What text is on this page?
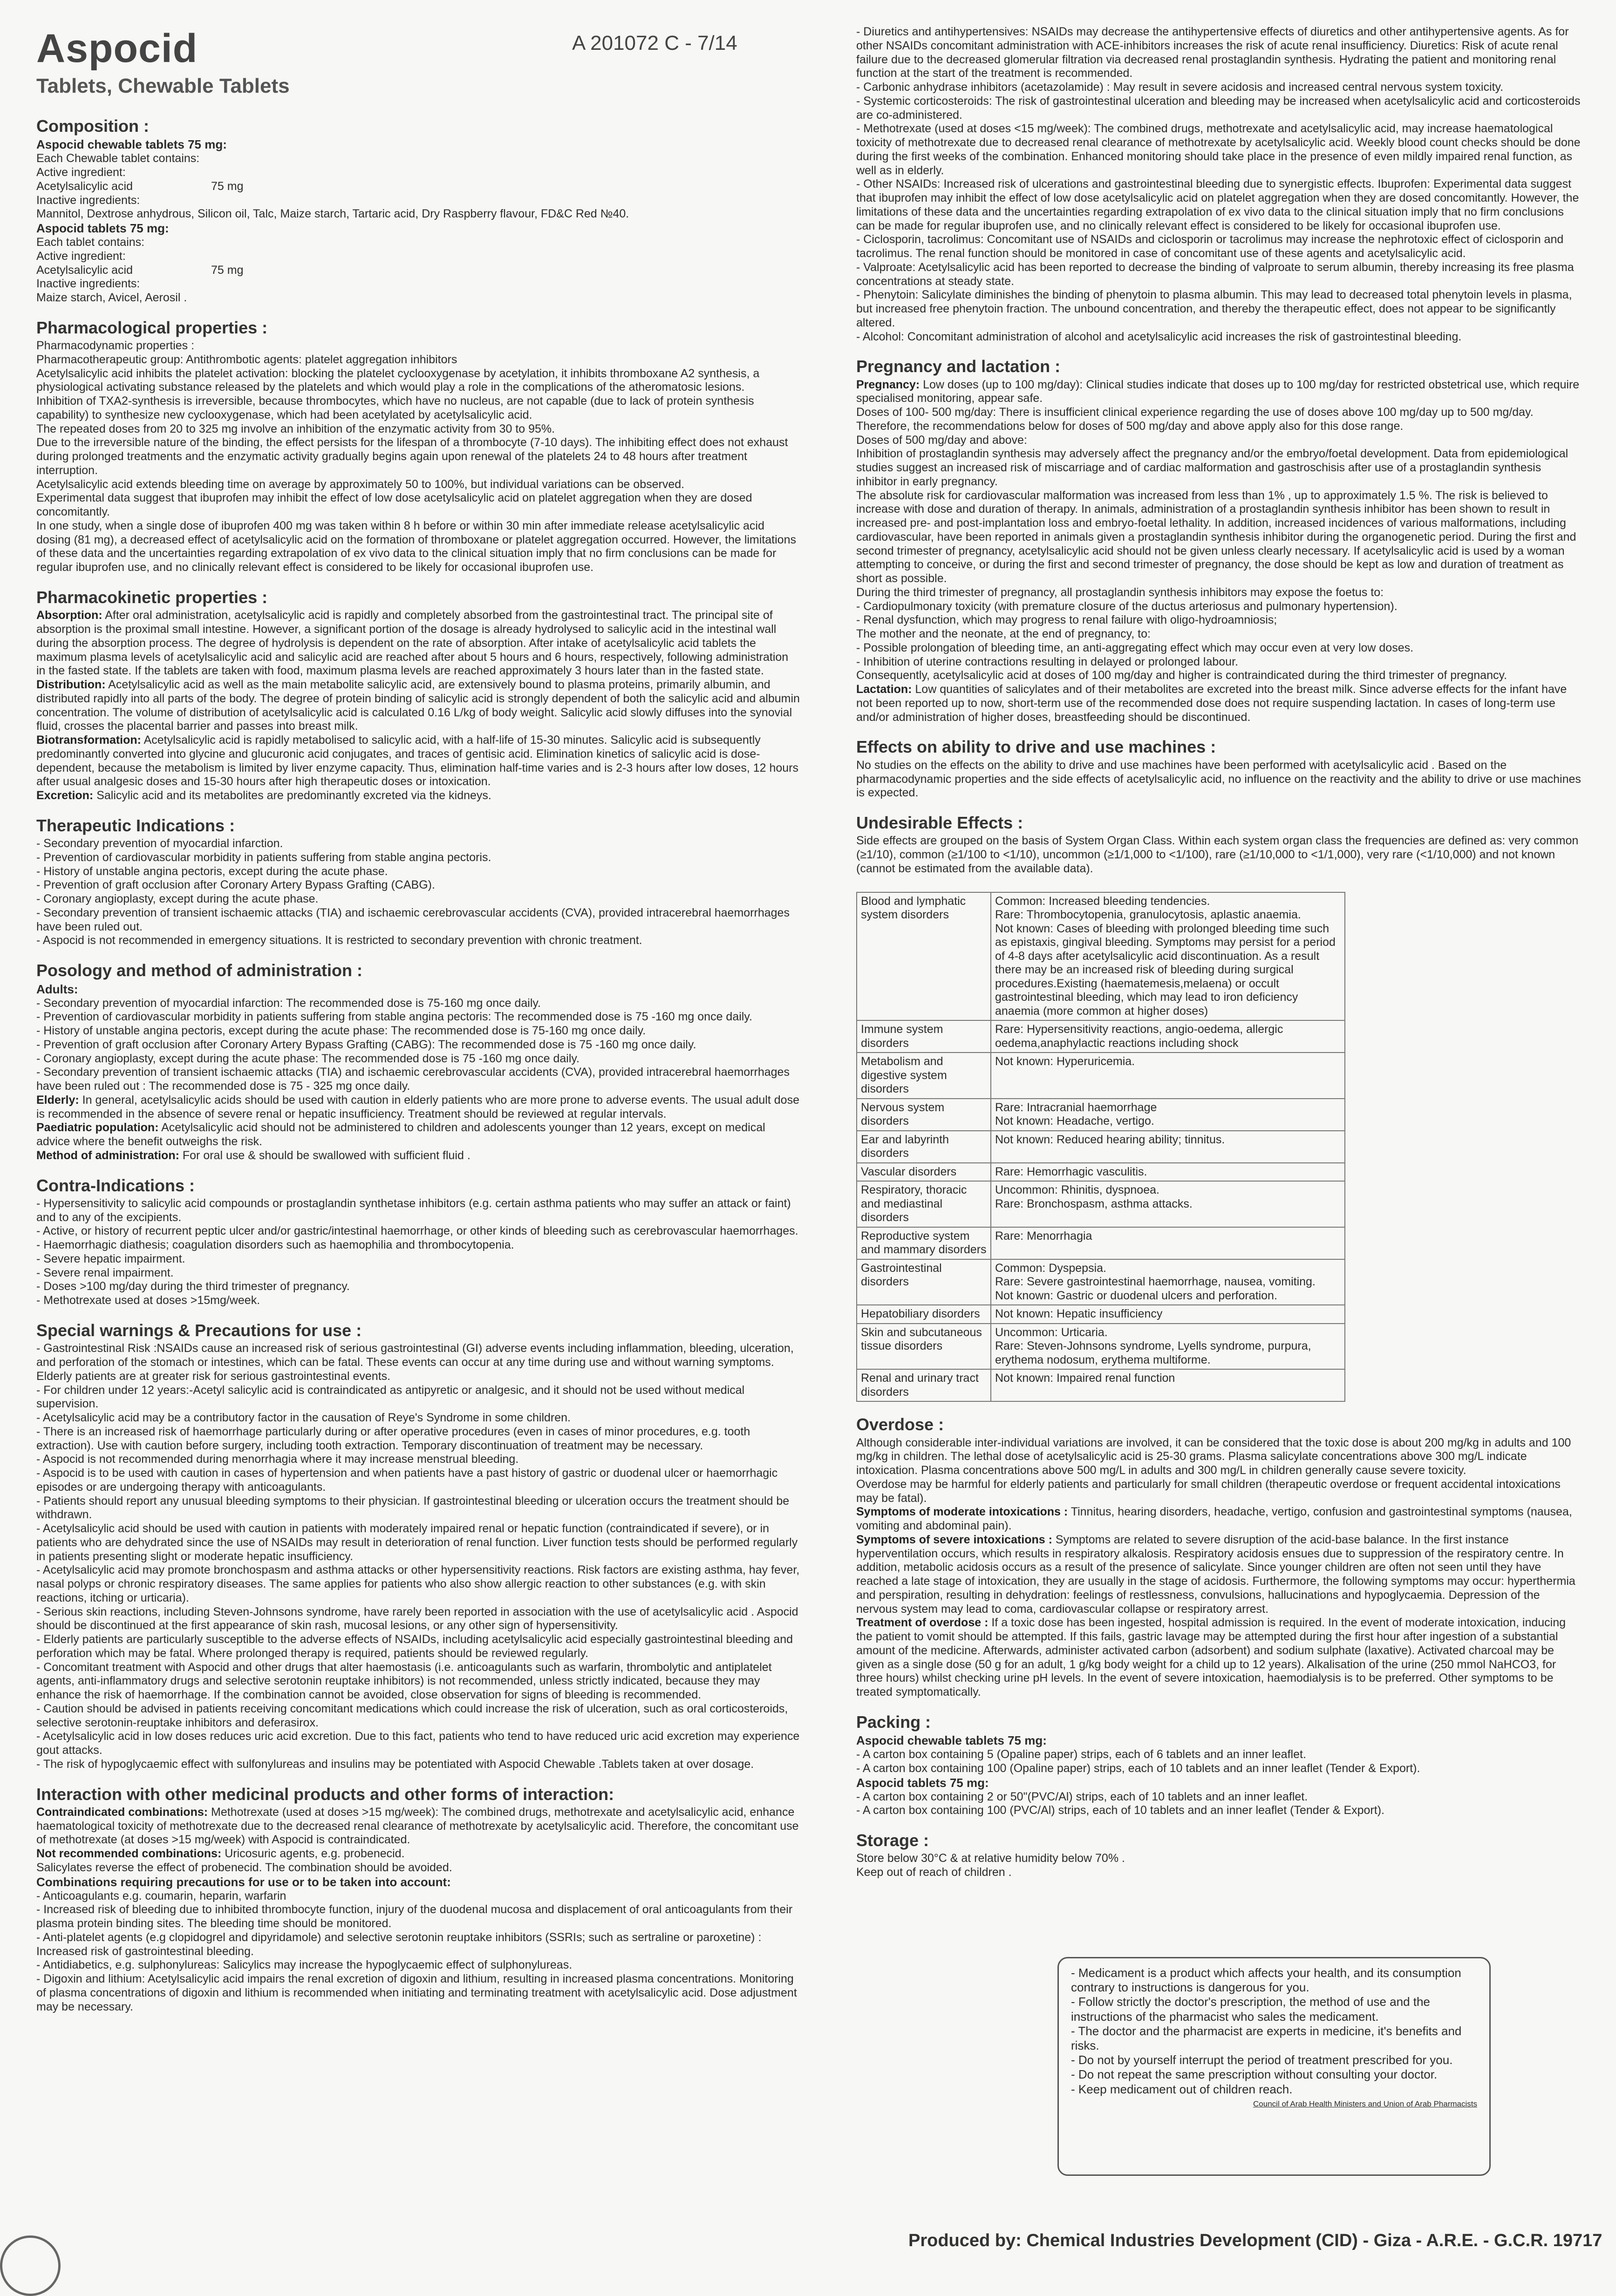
Aspocid
Tablets, Chewable Tablets
A 201072 C - 7/14
Composition :

Aspocid chewable tablets 75 mg:

Each Chewable tablet contains:

Active ingredient:

Acetylsalicylic acid	75 mg

Inactive ingredients:

Mannitol, Dextrose anhydrous, Silicon oil, Talc, Maize starch, Tartaric acid, Dry Raspberry flavour, FD&C Red №40.

Aspocid tablets 75 mg:

Each tablet contains:

Active ingredient:

Acetylsalicylic acid	75 mg

Inactive ingredients:

Maize starch, Avicel, Aerosil .

Pharmacological properties :

Pharmacodynamic properties :

Pharmacotherapeutic group: Antithrombotic agents: platelet aggregation inhibitors

Acetylsalicylic acid inhibits the platelet activation: blocking the platelet cyclooxygenase by acetylation, it inhibits thromboxane A2 synthesis, a physiological activating substance released by the platelets and which would play a role in the complications of the atheromatosic lesions.

Inhibition of TXA2-synthesis is irreversible, because thrombocytes, which have no nucleus, are not capable (due to lack of protein synthesis capability) to synthesize new cyclooxygenase, which had been acetylated by acetylsalicylic acid.

The repeated doses from 20 to 325 mg involve an inhibition of the enzymatic activity from 30 to 95%.

Due to the irreversible nature of the binding, the effect persists for the lifespan of a thrombocyte (7-10 days). The inhibiting effect does not exhaust during prolonged treatments and the enzymatic activity gradually begins again upon renewal of the platelets 24 to 48 hours after treatment interruption.

Acetylsalicylic acid extends bleeding time on average by approximately 50 to 100%, but individual variations can be observed.

Experimental data suggest that ibuprofen may inhibit the effect of low dose acetylsalicylic acid on platelet aggregation when they are dosed concomitantly.

In one study, when a single dose of ibuprofen 400 mg was taken within 8 h before or within 30 min after immediate release acetylsalicylic acid dosing (81 mg), a decreased effect of acetylsalicylic acid on the formation of thromboxane or platelet aggregation occurred. However, the limitations of these data and the uncertainties regarding extrapolation of ex vivo data to the clinical situation imply that no firm conclusions can be made for regular ibuprofen use, and no clinically relevant effect is considered to be likely for occasional ibuprofen use.

Pharmacokinetic properties :

Absorption: After oral administration, acetylsalicylic acid is rapidly and completely absorbed from the gastrointestinal tract. The principal site of absorption is the proximal small intestine. However, a significant portion of the dosage is already hydrolysed to salicylic acid in the intestinal wall during the absorption process. The degree of hydrolysis is dependent on the rate of absorption. After intake of acetylsalicylic acid tablets the maximum plasma levels of acetylsalicylic acid and salicylic acid are reached after about 5 hours and 6 hours, respectively, following administration in the fasted state. If the tablets are taken with food, maximum plasma levels are reached approximately 3 hours later than in the fasted state.

Distribution: Acetylsalicylic acid as well as the main metabolite salicylic acid, are extensively bound to plasma proteins, primarily albumin, and distributed rapidly into all parts of the body. The degree of protein binding of salicylic acid is strongly dependent of both the salicylic acid and albumin concentration. The volume of distribution of acetylsalicylic acid is calculated 0.16 L/kg of body weight. Salicylic acid slowly diffuses into the synovial fluid, crosses the placental barrier and passes into breast milk.

Biotransformation: Acetylsalicylic acid is rapidly metabolised to salicylic acid, with a half-life of 15-30 minutes. Salicylic acid is subsequently predominantly converted into glycine and glucuronic acid conjugates, and traces of gentisic acid. Elimination kinetics of salicylic acid is dose-dependent, because the metabolism is limited by liver enzyme capacity. Thus, elimination half-time varies and is 2-3 hours after low doses, 12 hours after usual analgesic doses and 15-30 hours after high therapeutic doses or intoxication.

Excretion: Salicylic acid and its metabolites are predominantly excreted via the kidneys.

Therapeutic Indications :
- Secondary prevention of myocardial infarction.
- Prevention of cardiovascular morbidity in patients suffering from stable angina pectoris.
- History of unstable angina pectoris, except during the acute phase.
- Prevention of graft occlusion after Coronary Artery Bypass Grafting (CABG).
- Coronary angioplasty, except during the acute phase.
- Secondary prevention of transient ischaemic attacks (TIA) and ischaemic cerebrovascular accidents (CVA), provided intracerebral haemorrhages have been ruled out.
- Aspocid is not recommended in emergency situations. It is restricted to secondary prevention with chronic treatment.
Posology and method of administration :

Adults:

- Secondary prevention of myocardial infarction: The recommended dose is 75-160 mg once daily.
- Prevention of cardiovascular morbidity in patients suffering from stable angina pectoris: The recommended dose is 75 -160 mg once daily.
- History of unstable angina pectoris, except during the acute phase: The recommended dose is 75-160 mg once daily.
- Prevention of graft occlusion after Coronary Artery Bypass Grafting (CABG): The recommended dose is 75 -160 mg once daily.
- Coronary angioplasty, except during the acute phase: The recommended dose is 75 -160 mg once daily.
- Secondary prevention of transient ischaemic attacks (TIA) and ischaemic cerebrovascular accidents (CVA), provided intracerebral haemorrhages have been ruled out : The recommended dose is 75 - 325 mg once daily.

Elderly: In general, acetylsalicylic acids should be used with caution in elderly patients who are more prone to adverse events. The usual adult dose is recommended in the absence of severe renal or hepatic insufficiency. Treatment should be reviewed at regular intervals.

Paediatric population: Acetylsalicylic acid should not be administered to children and adolescents younger than 12 years, except on medical advice where the benefit outweighs the risk.

Method of administration: For oral use & should be swallowed with sufficient fluid .

Contra-Indications :
- Hypersensitivity to salicylic acid compounds or prostaglandin synthetase inhibitors (e.g. certain asthma patients who may suffer an attack or faint) and to any of the excipients.
- Active, or history of recurrent peptic ulcer and/or gastric/intestinal haemorrhage, or other kinds of bleeding such as cerebrovascular haemorrhages.
- Haemorrhagic diathesis; coagulation disorders such as haemophilia and thrombocytopenia.
- Severe hepatic impairment.
- Severe renal impairment.
- Doses >100 mg/day during the third trimester of pregnancy.
- Methotrexate used at doses >15mg/week.
Special warnings & Precautions for use :
- Gastrointestinal Risk :NSAIDs cause an increased risk of serious gastrointestinal (GI) adverse events including inflammation, bleeding, ulceration, and perforation of the stomach or intestines, which can be fatal. These events can occur at any time during use and without warning symptoms. Elderly patients are at greater risk for serious gastrointestinal events.
- For children under 12 years:-Acetyl salicylic acid is contraindicated as antipyretic or analgesic, and it should not be used without medical supervision.
- Acetylsalicylic acid may be a contributory factor in the causation of Reye's Syndrome in some children.
- There is an increased risk of haemorrhage particularly during or after operative procedures (even in cases of minor procedures, e.g. tooth extraction). Use with caution before surgery, including tooth extraction. Temporary discontinuation of treatment may be necessary.
- Aspocid is not recommended during menorrhagia where it may increase menstrual bleeding.
- Aspocid is to be used with caution in cases of hypertension and when patients have a past history of gastric or duodenal ulcer or haemorrhagic episodes or are undergoing therapy with anticoagulants.
- Patients should report any unusual bleeding symptoms to their physician. If gastrointestinal bleeding or ulceration occurs the treatment should be withdrawn.
- Acetylsalicylic acid should be used with caution in patients with moderately impaired renal or hepatic function (contraindicated if severe), or in patients who are dehydrated since the use of NSAIDs may result in deterioration of renal function. Liver function tests should be performed regularly in patients presenting slight or moderate hepatic insufficiency.
- Acetylsalicylic acid may promote bronchospasm and asthma attacks or other hypersensitivity reactions. Risk factors are existing asthma, hay fever, nasal polyps or chronic respiratory diseases. The same applies for patients who also show allergic reaction to other substances (e.g. with skin reactions, itching or urticaria).
- Serious skin reactions, including Steven-Johnsons syndrome, have rarely been reported in association with the use of acetylsalicylic acid . Aspocid should be discontinued at the first appearance of skin rash, mucosal lesions, or any other sign of hypersensitivity.
- Elderly patients are particularly susceptible to the adverse effects of NSAIDs, including acetylsalicylic acid especially gastrointestinal bleeding and perforation which may be fatal. Where prolonged therapy is required, patients should be reviewed regularly.
- Concomitant treatment with Aspocid and other drugs that alter haemostasis (i.e. anticoagulants such as warfarin, thrombolytic and antiplatelet agents, anti-inflammatory drugs and selective serotonin reuptake inhibitors) is not recommended, unless strictly indicated, because they may enhance the risk of haemorrhage. If the combination cannot be avoided, close observation for signs of bleeding is recommended.
- Caution should be advised in patients receiving concomitant medications which could increase the risk of ulceration, such as oral corticosteroids, selective serotonin-reuptake inhibitors and deferasirox.
- Acetylsalicylic acid in low doses reduces uric acid excretion. Due to this fact, patients who tend to have reduced uric acid excretion may experience gout attacks.
- The risk of hypoglycaemic effect with sulfonylureas and insulins may be potentiated with Aspocid Chewable .Tablets taken at over dosage.
Interaction with other medicinal products and other forms of interaction:

Contraindicated combinations: Methotrexate (used at doses >15 mg/week): The combined drugs, methotrexate and acetylsalicylic acid, enhance haematological toxicity of methotrexate due to the decreased renal clearance of methotrexate by acetylsalicylic acid. Therefore, the concomitant use of methotrexate (at doses >15 mg/week) with Aspocid is contraindicated.

Not recommended combinations: Uricosuric agents, e.g. probenecid.

Salicylates reverse the effect of probenecid. The combination should be avoided.

Combinations requiring precautions for use or to be taken into account:

- Anticoagulants e.g. coumarin, heparin, warfarin
- Increased risk of bleeding due to inhibited thrombocyte function, injury of the duodenal mucosa and displacement of oral anticoagulants from their plasma protein binding sites. The bleeding time should be monitored.
- Anti-platelet agents (e.g clopidogrel and dipyridamole) and selective serotonin reuptake inhibitors (SSRIs; such as sertraline or paroxetine) : Increased risk of gastrointestinal bleeding.
- Antidiabetics, e.g. sulphonylureas: Salicylics may increase the hypoglycaemic effect of sulphonylureas.
- Digoxin and lithium: Acetylsalicylic acid impairs the renal excretion of digoxin and lithium, resulting in increased plasma concentrations. Monitoring of plasma concentrations of digoxin and lithium is recommended when initiating and terminating treatment with acetylsalicylic acid. Dose adjustment may be necessary.
- Diuretics and antihypertensives: NSAIDs may decrease the antihypertensive effects of diuretics and other antihypertensive agents. As for other NSAIDs concomitant administration with ACE-inhibitors increases the risk of acute renal insufficiency. Diuretics: Risk of acute renal failure due to the decreased glomerular filtration via decreased renal prostaglandin synthesis. Hydrating the patient and monitoring renal function at the start of the treatment is recommended.
- Carbonic anhydrase inhibitors (acetazolamide) : May result in severe acidosis and increased central nervous system toxicity.
- Systemic corticosteroids: The risk of gastrointestinal ulceration and bleeding may be increased when acetylsalicylic acid and corticosteroids are co-administered.
- Methotrexate (used at doses <15 mg/week): The combined drugs, methotrexate and acetylsalicylic acid, may increase haematological toxicity of methotrexate due to decreased renal clearance of methotrexate by acetylsalicylic acid. Weekly blood count checks should be done during the first weeks of the combination. Enhanced monitoring should take place in the presence of even mildly impaired renal function, as well as in elderly.
- Other NSAIDs: Increased risk of ulcerations and gastrointestinal bleeding due to synergistic effects. Ibuprofen: Experimental data suggest that ibuprofen may inhibit the effect of low dose acetylsalicylic acid on platelet aggregation when they are dosed concomitantly. However, the limitations of these data and the uncertainties regarding extrapolation of ex vivo data to the clinical situation imply that no firm conclusions can be made for regular ibuprofen use, and no clinically relevant effect is considered to be likely for occasional ibuprofen use.
- Ciclosporin, tacrolimus: Concomitant use of NSAIDs and ciclosporin or tacrolimus may increase the nephrotoxic effect of ciclosporin and tacrolimus. The renal function should be monitored in case of concomitant use of these agents and acetylsalicylic acid.
- Valproate: Acetylsalicylic acid has been reported to decrease the binding of valproate to serum albumin, thereby increasing its free plasma concentrations at steady state.
- Phenytoin: Salicylate diminishes the binding of phenytoin to plasma albumin. This may lead to decreased total phenytoin levels in plasma, but increased free phenytoin fraction. The unbound concentration, and thereby the therapeutic effect, does not appear to be significantly altered.
- Alcohol: Concomitant administration of alcohol and acetylsalicylic acid increases the risk of gastrointestinal bleeding.
Pregnancy and lactation :

Pregnancy: Low doses (up to 100 mg/day): Clinical studies indicate that doses up to 100 mg/day for restricted obstetrical use, which require specialised monitoring, appear safe.

Doses of 100- 500 mg/day: There is insufficient clinical experience regarding the use of doses above 100 mg/day up to 500 mg/day. Therefore, the recommendations below for doses of 500 mg/day and above apply also for this dose range.

Doses of 500 mg/day and above:

Inhibition of prostaglandin synthesis may adversely affect the pregnancy and/or the embryo/foetal development. Data from epidemiological studies suggest an increased risk of miscarriage and of cardiac malformation and gastroschisis after use of a prostaglandin synthesis inhibitor in early pregnancy.

The absolute risk for cardiovascular malformation was increased from less than 1% , up to approximately 1.5 %. The risk is believed to increase with dose and duration of therapy. In animals, administration of a prostaglandin synthesis inhibitor has been shown to result in increased pre- and post-implantation loss and embryo-foetal lethality. In addition, increased incidences of various malformations, including cardiovascular, have been reported in animals given a prostaglandin synthesis inhibitor during the organogenetic period. During the first and second trimester of pregnancy, acetylsalicylic acid should not be given unless clearly necessary. If acetylsalicylic acid is used by a woman attempting to conceive, or during the first and second trimester of pregnancy, the dose should be kept as low and duration of treatment as short as possible.

During the third trimester of pregnancy, all prostaglandin synthesis inhibitors may expose the foetus to:

- Cardiopulmonary toxicity (with premature closure of the ductus arteriosus and pulmonary hypertension).
- Renal dysfunction, which may progress to renal failure with oligo-hydroamniosis;

The mother and the neonate, at the end of pregnancy, to:

- Possible prolongation of bleeding time, an anti-aggregating effect which may occur even at very low doses.
- Inhibition of uterine contractions resulting in delayed or prolonged labour.

Consequently, acetylsalicylic acid at doses of 100 mg/day and higher is contraindicated during the third trimester of pregnancy.

Lactation: Low quantities of salicylates and of their metabolites are excreted into the breast milk. Since adverse effects for the infant have not been reported up to now, short-term use of the recommended dose does not require suspending lactation. In cases of long-term use and/or administration of higher doses, breastfeeding should be discontinued.

Effects on ability to drive and use machines :

No studies on the effects on the ability to drive and use machines have been performed with acetylsalicylic acid . Based on the pharmacodynamic properties and the side effects of acetylsalicylic acid, no influence on the reactivity and the ability to drive or use machines is expected.

Undesirable Effects :

Side effects are grouped on the basis of System Organ Class. Within each system organ class the frequencies are defined as: very common (≥1/10), common (≥1/100 to <1/10), uncommon (≥1/1,000 to <1/100), rare (≥1/10,000 to <1/1,000), very rare (<1/10,000) and not known (cannot be estimated from the available data).

Blood and lymphatic system disorders	Common: Increased bleeding tendencies.
Rare: Thrombocytopenia, granulocytosis, aplastic anaemia.
Not known: Cases of bleeding with prolonged bleeding time such as epistaxis, gingival bleeding. Symptoms may persist for a period of 4-8 days after acetylsalicylic acid discontinuation. As a result there may be an increased risk of bleeding during surgical procedures.Existing (haematemesis,melaena) or occult gastrointestinal bleeding, which may lead to iron deficiency anaemia (more common at higher doses)
Immune system disorders	Rare: Hypersensitivity reactions, angio-oedema, allergic oedema,anaphylactic reactions including shock
Metabolism and digestive system disorders	Not known: Hyperuricemia.
Nervous system disorders	Rare: Intracranial haemorrhage
Not known: Headache, vertigo.
Ear and labyrinth disorders	Not known: Reduced hearing ability; tinnitus.
Vascular disorders	Rare: Hemorrhagic vasculitis.
Respiratory, thoracic and mediastinal disorders	Uncommon: Rhinitis, dyspnoea.
Rare: Bronchospasm, asthma attacks.
Reproductive system and mammary disorders	Rare: Menorrhagia
Gastrointestinal disorders	Common: Dyspepsia.
Rare: Severe gastrointestinal haemorrhage, nausea, vomiting.
Not known: Gastric or duodenal ulcers and perforation.
Hepatobiliary disorders	Not known: Hepatic insufficiency
Skin and subcutaneous tissue disorders	Uncommon: Urticaria.
Rare: Steven-Johnsons syndrome, Lyells syndrome, purpura, erythema nodosum, erythema multiforme.
Renal and urinary tract disorders	Not known: Impaired renal function
Overdose :

Although considerable inter-individual variations are involved, it can be considered that the toxic dose is about 200 mg/kg in adults and 100 mg/kg in children. The lethal dose of acetylsalicylic acid is 25-30 grams. Plasma salicylate concentrations above 300 mg/L indicate intoxication. Plasma concentrations above 500 mg/L in adults and 300 mg/L in children generally cause severe toxicity.

Overdose may be harmful for elderly patients and particularly for small children (therapeutic overdose or frequent accidental intoxications may be fatal).

Symptoms of moderate intoxications : Tinnitus, hearing disorders, headache, vertigo, confusion and gastrointestinal symptoms (nausea, vomiting and abdominal pain).

Symptoms of severe intoxications : Symptoms are related to severe disruption of the acid-base balance. In the first instance hyperventilation occurs, which results in respiratory alkalosis. Respiratory acidosis ensues due to suppression of the respiratory centre. In addition, metabolic acidosis occurs as a result of the presence of salicylate. Since younger children are often not seen until they have reached a late stage of intoxication, they are usually in the stage of acidosis. Furthermore, the following symptoms may occur: hyperthermia and perspiration, resulting in dehydration: feelings of restlessness, convulsions, hallucinations and hypoglycaemia. Depression of the nervous system may lead to coma, cardiovascular collapse or respiratory arrest.

Treatment of overdose : If a toxic dose has been ingested, hospital admission is required. In the event of moderate intoxication, inducing the patient to vomit should be attempted. If this fails, gastric lavage may be attempted during the first hour after ingestion of a substantial amount of the medicine. Afterwards, administer activated carbon (adsorbent) and sodium sulphate (laxative). Activated charcoal may be given as a single dose (50 g for an adult, 1 g/kg body weight for a child up to 12 years). Alkalisation of the urine (250 mmol NaHCO3, for three hours) whilst checking urine pH levels. In the event of severe intoxication, haemodialysis is to be preferred. Other symptoms to be treated symptomatically.

Packing :

Aspocid chewable tablets 75 mg:

- A carton box containing 5 (Opaline paper) strips, each of 6 tablets and an inner leaflet.
- A carton box containing 100 (Opaline paper) strips, each of 10 tablets and an inner leaflet (Tender & Export).

Aspocid tablets 75 mg:

- A carton box containing 2 or 50"(PVC/Al) strips, each of 10 tablets and an inner leaflet.
- A carton box containing 100 (PVC/Al) strips, each of 10 tablets and an inner leaflet (Tender & Export).
Storage :

Store below 30°C & at relative humidity below 70% .

Keep out of reach of children .

- Medicament is a product which affects your health, and its consumption contrary to instructions is dangerous for you.
- Follow strictly the doctor's prescription, the method of use and the instructions of the pharmacist who sales the medicament.
- The doctor and the pharmacist are experts in medicine, it's benefits and risks.
- Do not by yourself interrupt the period of treatment prescribed for you.
- Do not repeat the same prescription without consulting your doctor.
- Keep medicament out of children reach.
Council of Arab Health Ministers and Union of Arab Pharmacists
Produced by: Chemical Industries Development (CID) - Giza - A.R.E. - G.C.R. 19717
